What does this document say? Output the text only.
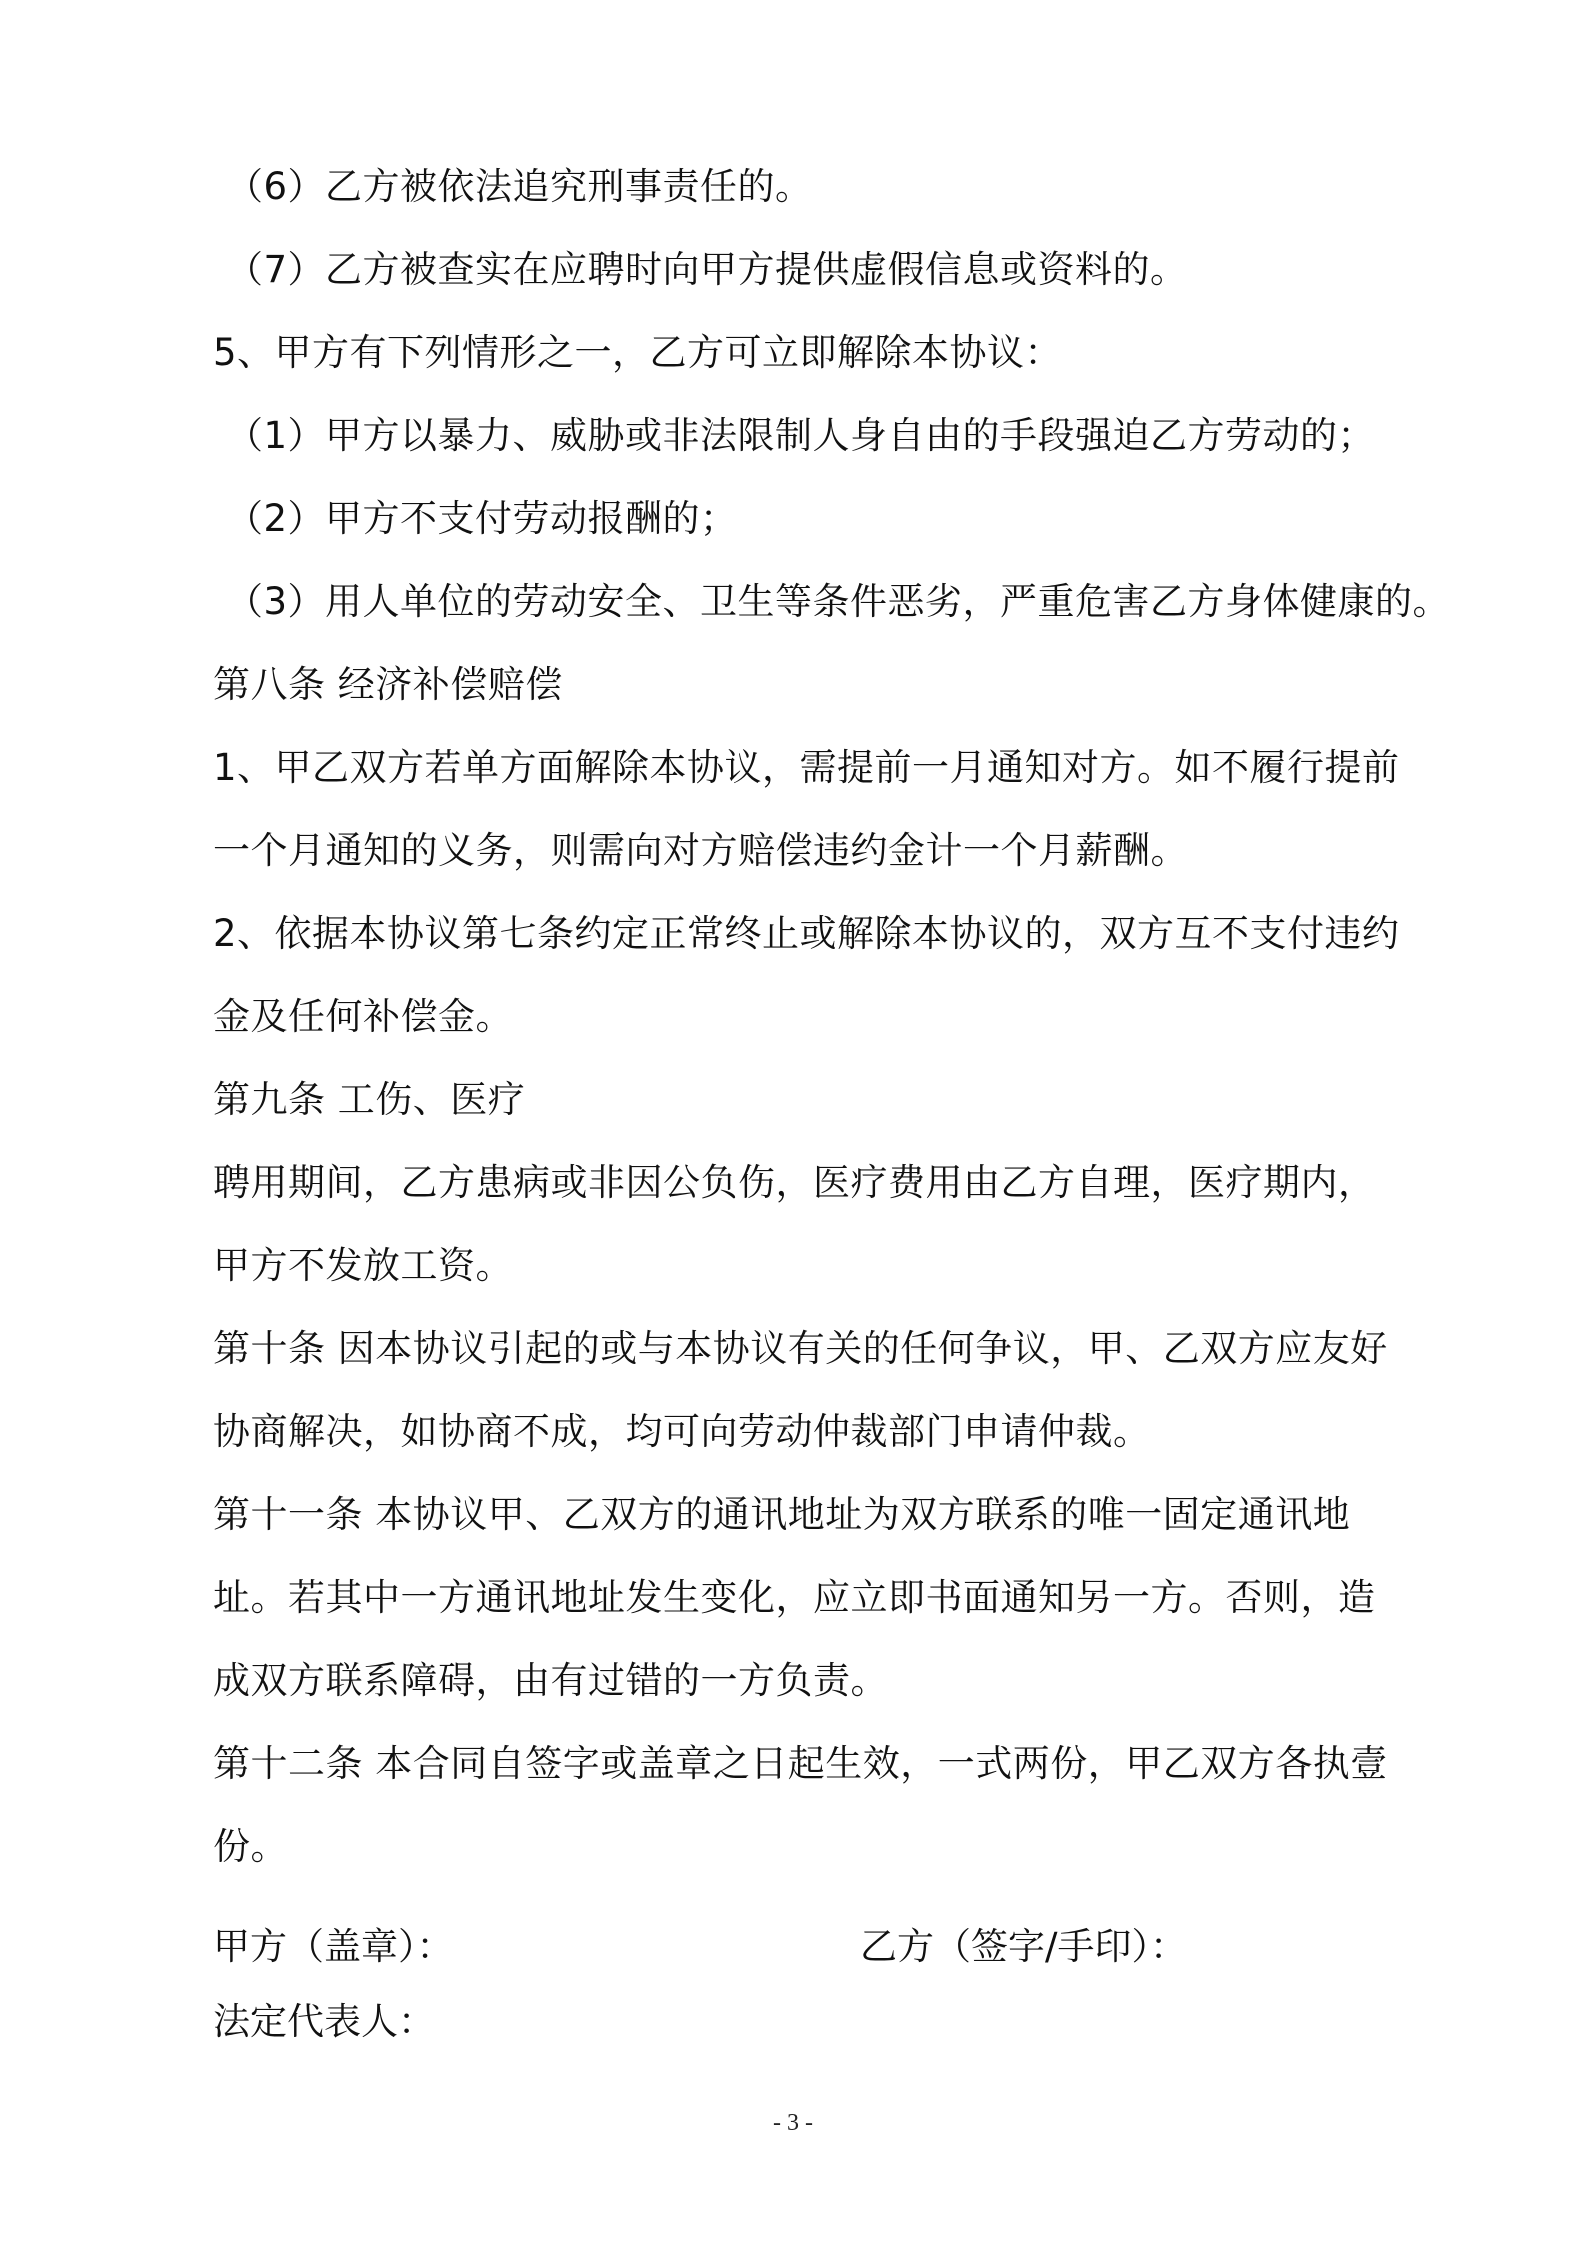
（6）乙方被依法追究刑事责任的。
（7）乙方被查实在应聘时向甲方提供虚假信息或资料的。
5、甲方有下列情形之一，乙方可立即解除本协议：
（1）甲方以暴力、威胁或非法限制人身自由的手段强迫乙方劳动的；
（2）甲方不支付劳动报酬的；
（3）用人单位的劳动安全、卫生等条件恶劣，严重危害乙方身体健康的。
第八条 经济补偿赔偿
1、甲乙双方若单方面解除本协议，需提前一月通知对方。如不履行提前
一个月通知的义务，则需向对方赔偿违约金计一个月薪酬。
2、依据本协议第七条约定正常终止或解除本协议的，双方互不支付违约
金及任何补偿金。
第九条 工伤、医疗
聘用期间，乙方患病或非因公负伤，医疗费用由乙方自理，医疗期内，
甲方不发放工资。
第十条 因本协议引起的或与本协议有关的任何争议，甲、乙双方应友好
协商解决，如协商不成，均可向劳动仲裁部门申请仲裁。
第十一条 本协议甲、乙双方的通讯地址为双方联系的唯一固定通讯地
址。若其中一方通讯地址发生变化，应立即书面通知另一方。否则，造
成双方联系障碍，由有过错的一方负责。
第十二条 本合同自签字或盖章之日起生效，一式两份，甲乙双方各执壹
份。
甲方（盖章）：	乙方（签字/手印）：
法定代表人：
- 3 -
